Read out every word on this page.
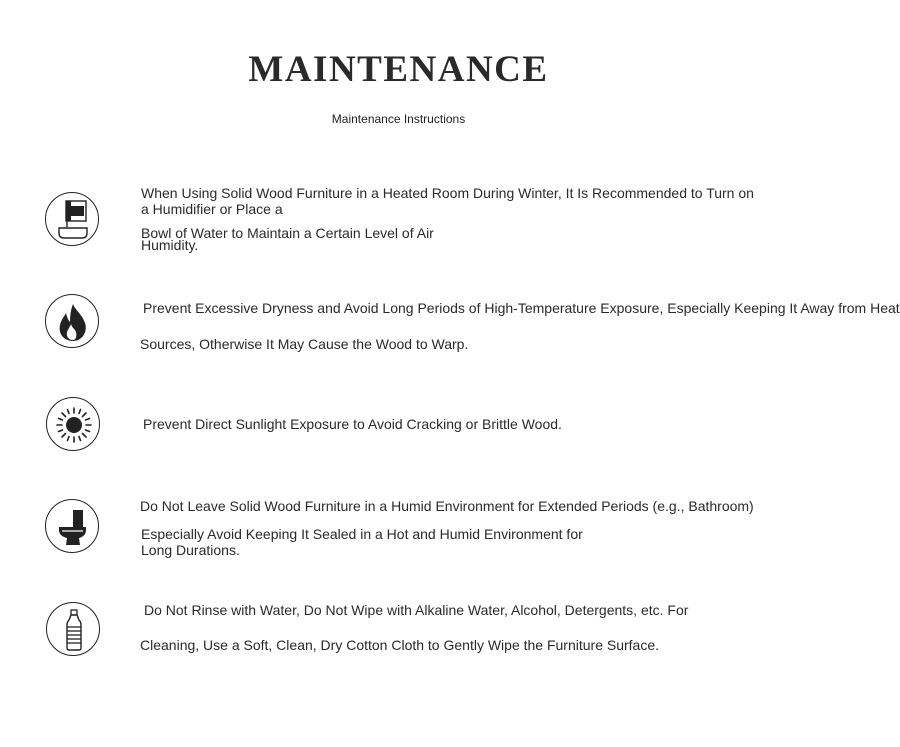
MAINTENANCE
Maintenance Instructions
When Using Solid Wood Furniture in a Heated Room During Winter, It Is Recommended to Turn on
a Humidifier or Place a
Bowl of Water to Maintain a Certain Level of Air
Humidity.
Prevent Excessive Dryness and Avoid Long Periods of High-Temperature Exposure, Especially Keeping It Away from Heat
Sources, Otherwise It May Cause the Wood to Warp.
Prevent Direct Sunlight Exposure to Avoid Cracking or Brittle Wood.
Do Not Leave Solid Wood Furniture in a Humid Environment for Extended Periods (e.g., Bathroom)
Especially Avoid Keeping It Sealed in a Hot and Humid Environment for
Long Durations.
Do Not Rinse with Water, Do Not Wipe with Alkaline Water, Alcohol, Detergents, etc. For
Cleaning, Use a Soft, Clean, Dry Cotton Cloth to Gently Wipe the Furniture Surface.
